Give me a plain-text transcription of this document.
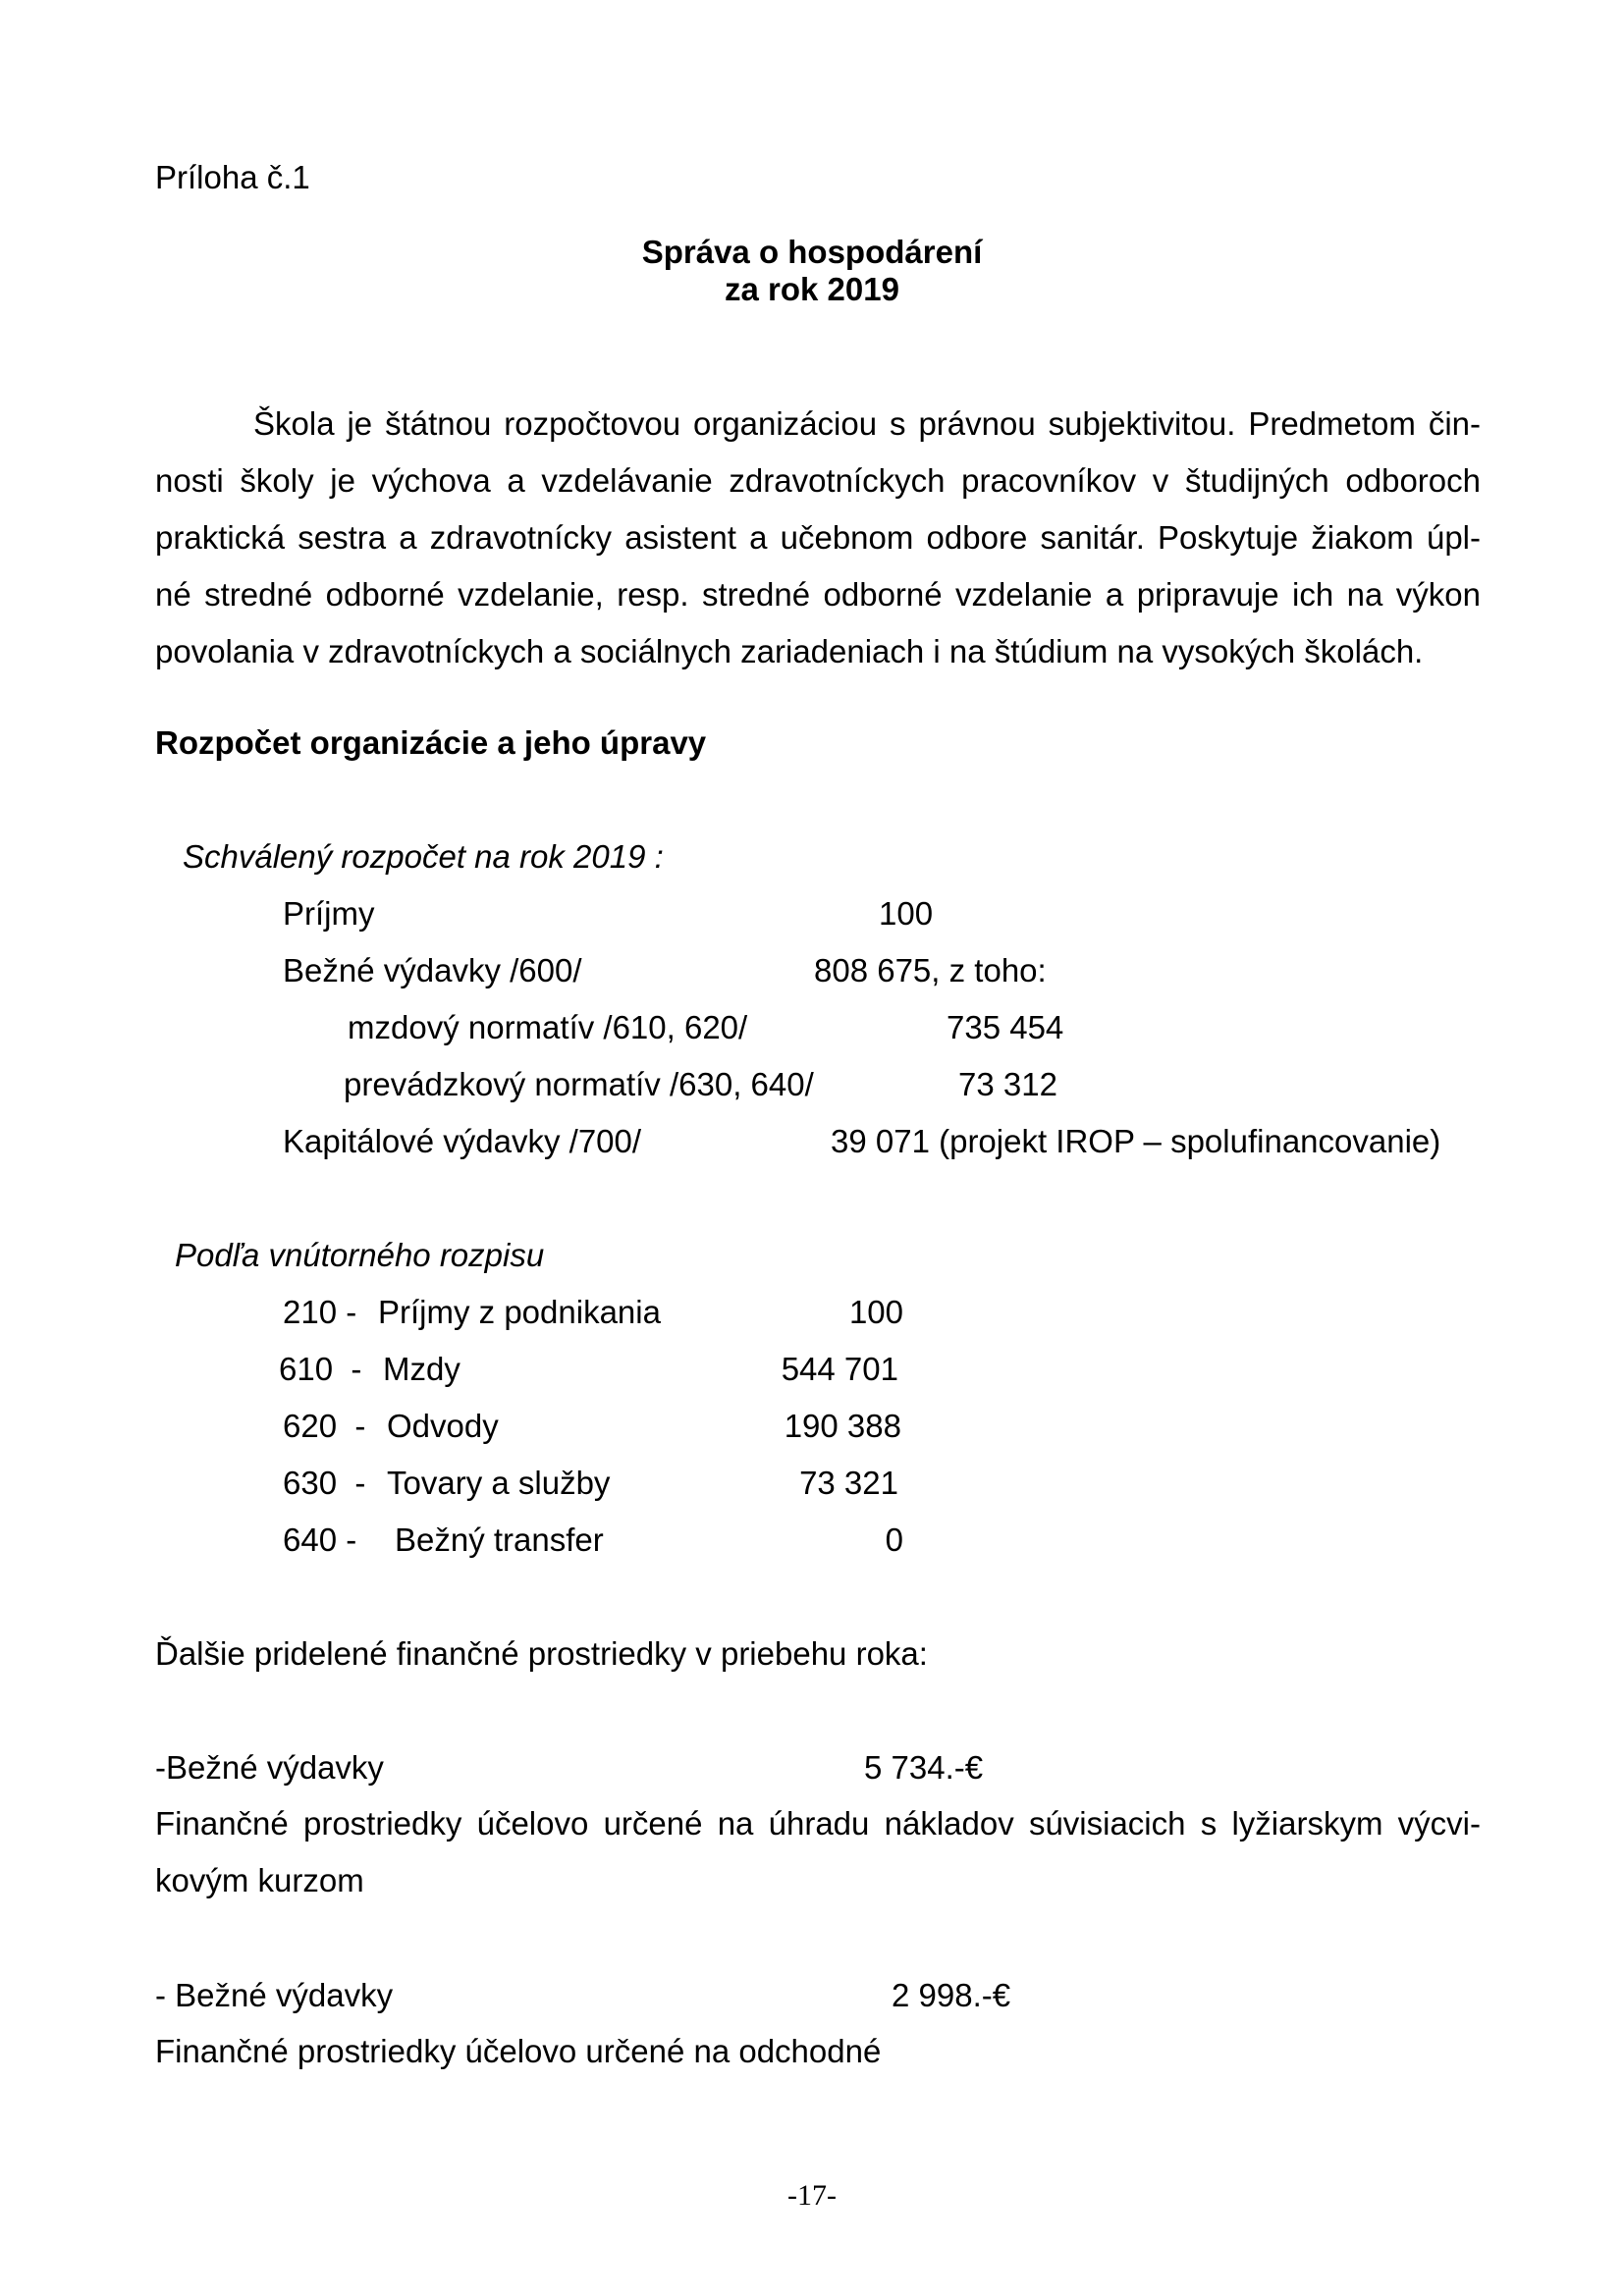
Príloha č.1
Správa o hospodárení
za rok 2019
Škola je štátnou rozpočtovou organizáciou s právnou subjektivitou. Predmetom čin-
nosti školy je výchova a vzdelávanie zdravotníckych pracovníkov v študijných odboroch
praktická sestra a zdravotnícky asistent a učebnom odbore sanitár. Poskytuje žiakom úpl-
né stredné odborné vzdelanie, resp. stredné odborné vzdelanie a pripravuje ich na výkon
povolania v zdravotníckych a sociálnych zariadeniach i na štúdium na vysokých školách.
Rozpočet organizácie a jeho úpravy
Schválený rozpočet na rok 2019 :
Príjmy	100
Bežné výdavky /600/	808 675, z toho:
mzdový normatív /610, 620/	735 454
prevádzkový normatív /630, 640/	73 312
Kapitálové výdavky /700/	39 071 (projekt IROP – spolufinancovanie)
Podľa vnútorného rozpisu
210 - Príjmy z podnikania	100
610  - Mzdy	544 701
620  - Odvody	190 388
630  - Tovary a služby	73 321
640 - Bežný transfer	0
Ďalšie pridelené finančné prostriedky v priebehu roka:
-Bežné výdavky	5 734.-€
Finančné prostriedky účelovo určené na úhradu nákladov súvisiacich s lyžiarskym výcvi-
kovým kurzom
- Bežné výdavky	2 998.-€
Finančné prostriedky účelovo určené na odchodné
-17-
